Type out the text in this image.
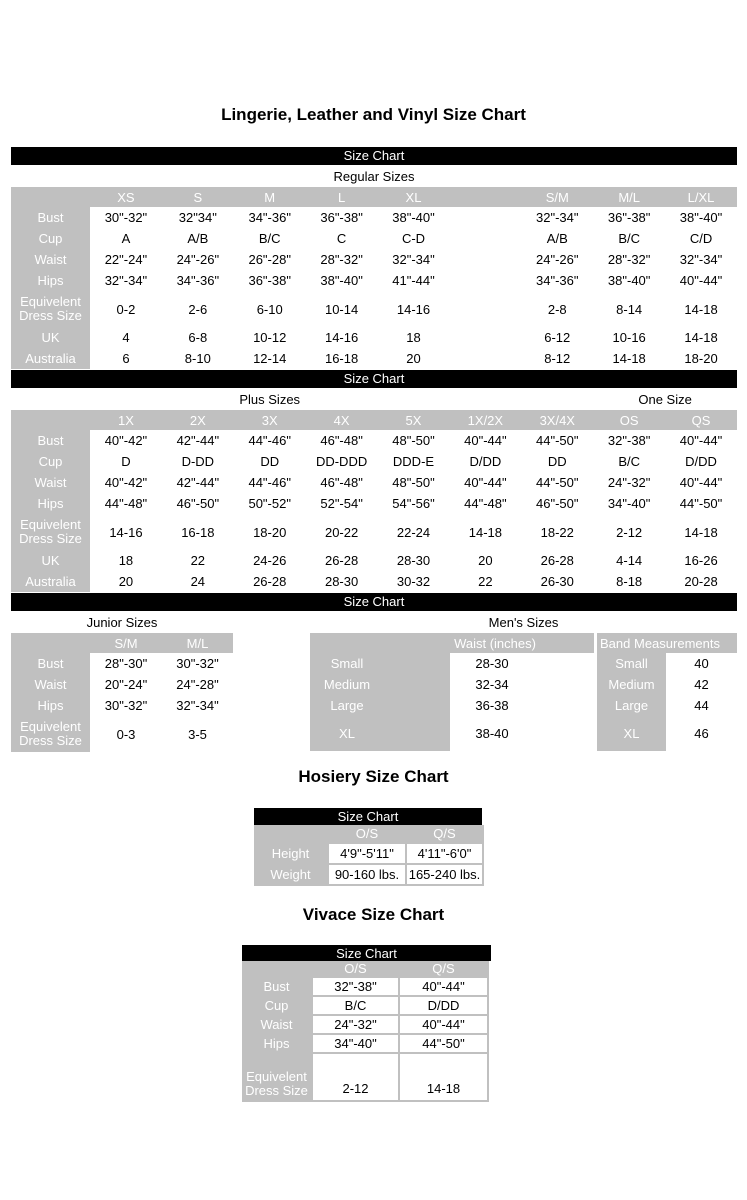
Lingerie, Leather and Vinyl Size Chart
Size Chart
Regular Sizes
XS	S	M	L	XL	S/M	M/L	L/XL
Bust	30"-32"	32"34"	34"-36"	36"-38"	38"-40"	32"-34"	36"-38"	38"-40"
Cup	A	A/B	B/C	C	C-D	A/B	B/C	C/D
Waist	22"-24"	24"-26"	26"-28"	28"-32"	32"-34"	24"-26"	28"-32"	32"-34"
Hips	32"-34"	34"-36"	36"-38"	38"-40"	41"-44"	34"-36"	38"-40"	40"-44"
Equivelent
Dress Size	0-2	2-6	6-10	10-14	14-16	2-8	8-14	14-18
UK	4	6-8	10-12	14-16	18	6-12	10-16	14-18
Australia	6	8-10	12-14	16-18	20	8-12	14-18	18-20
Size Chart
Plus Sizes	One Size
1X	2X	3X	4X	5X	1X/2X	3X/4X	OS	QS
Bust	40"-42"	42"-44"	44"-46"	46"-48"	48"-50"	40"-44"	44"-50"	32"-38"	40"-44"
Cup	D	D-DD	DD	DD-DDD	DDD-E	D/DD	DD	B/C	D/DD
Waist	40"-42"	42"-44"	44"-46"	46"-48"	48"-50"	40"-44"	44"-50"	24"-32"	40"-44"
Hips	44"-48"	46"-50"	50"-52"	52"-54"	54"-56"	44"-48"	46"-50"	34"-40"	44"-50"
Equivelent
Dress Size	14-16	16-18	18-20	20-22	22-24	14-18	18-22	2-12	14-18
UK	18	22	24-26	26-28	28-30	20	26-28	4-14	16-26
Australia	20	24	26-28	28-30	30-32	22	26-30	8-18	20-28
Size Chart
Junior Sizes	Men's Sizes
S/M	M/L
Bust	28"-30"	30"-32"
Waist	20"-24"	24"-28"
Hips	30"-32"	32"-34"
Equivelent
Dress Size	0-3	3-5
Waist (inches)	Band Measurements
Small	28-30	Small	40
Medium	32-34	Medium	42
Large	36-38	Large	44
XL	38-40	XL	46
Hosiery Size Chart
Size Chart
O/S	Q/S
Height	4'9"-5'11"	4'11"-6'0"
Weight	90-160 lbs. 165-240 lbs.
Vivace Size Chart
Size Chart
O/S	Q/S
Bust	32"-38"	40"-44"
Cup	B/C	D/DD
Waist	24"-32"	40"-44"
Hips	34"-40"	44"-50"
Equivelent
Dress Size	2-12	14-18
